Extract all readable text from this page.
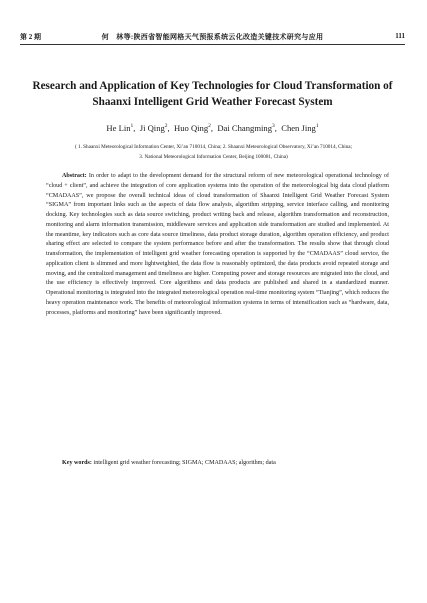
第 2 期	何　林等:陕西省智能网格天气预报系统云化改造关键技术研究与应用	111
Research and Application of Key Technologies for Cloud Transformation of Shaanxi Intelligent Grid Weather Forecast System
He Lin$^1$,  Ji Qing$^2$,  Huo Qing$^2$,  Dai Changming$^3$,  Chen Jing$^1$
( 1. Shaanxi Meteorological Information Center, Xi’an 710014, China; 2. Shaanxi Meteorological Observatory, Xi’an 710014, China;
3. National Meteorological Information Center, Beijing 100081, China)

Abstract: In order to adapt to the development demand for the structural reform of new meteorological operational technology of “cloud + client”, and achieve the integration of core application systems into the operation of the meteorological big data cloud platform “CMADAAS”, we propose the overall technical ideas of cloud transformation of Shaanxi Intelligent Grid Weather Forecast System “SIGMA” from important links such as the aspects of data flow analysis, algorithm stripping, service interface calling, and monitoring docking. Key technologies such as data source switching, product writing back and release, algorithm transformation and reconstruction, monitoring and alarm information transmission, middleware services and application side transformation are studied and implemented. At the meantime, key indicators such as core data source timeliness, data product storage duration, algorithm operation efficiency, and product sharing effect are selected to compare the system performance before and after the transformation. The results show that through cloud transformation, the implementation of intelligent grid weather forecasting operation is supported by the “CMADAAS” cloud service, the application client is slimmed and more lightweighted, the data flow is reasonably optimized, the data products avoid repeated storage and moving, and the centralized management and timeliness are higher. Computing power and storage resources are migrated into the cloud, and the use efficiency is effectively improved. Core algorithms and data products are published and shared in a standardized manner. Operational monitoring is integrated into the integrated meteorological operation real-time monitoring system “Tianjing”, which reduces the heavy operation maintenance work. The benefits of meteorological information systems in terms of intensification such as “hardware, data, processes, platforms and monitoring” have been significantly improved.

Key words: intelligent grid weather forecasting; SIGMA; CMADAAS; algorithm; data
